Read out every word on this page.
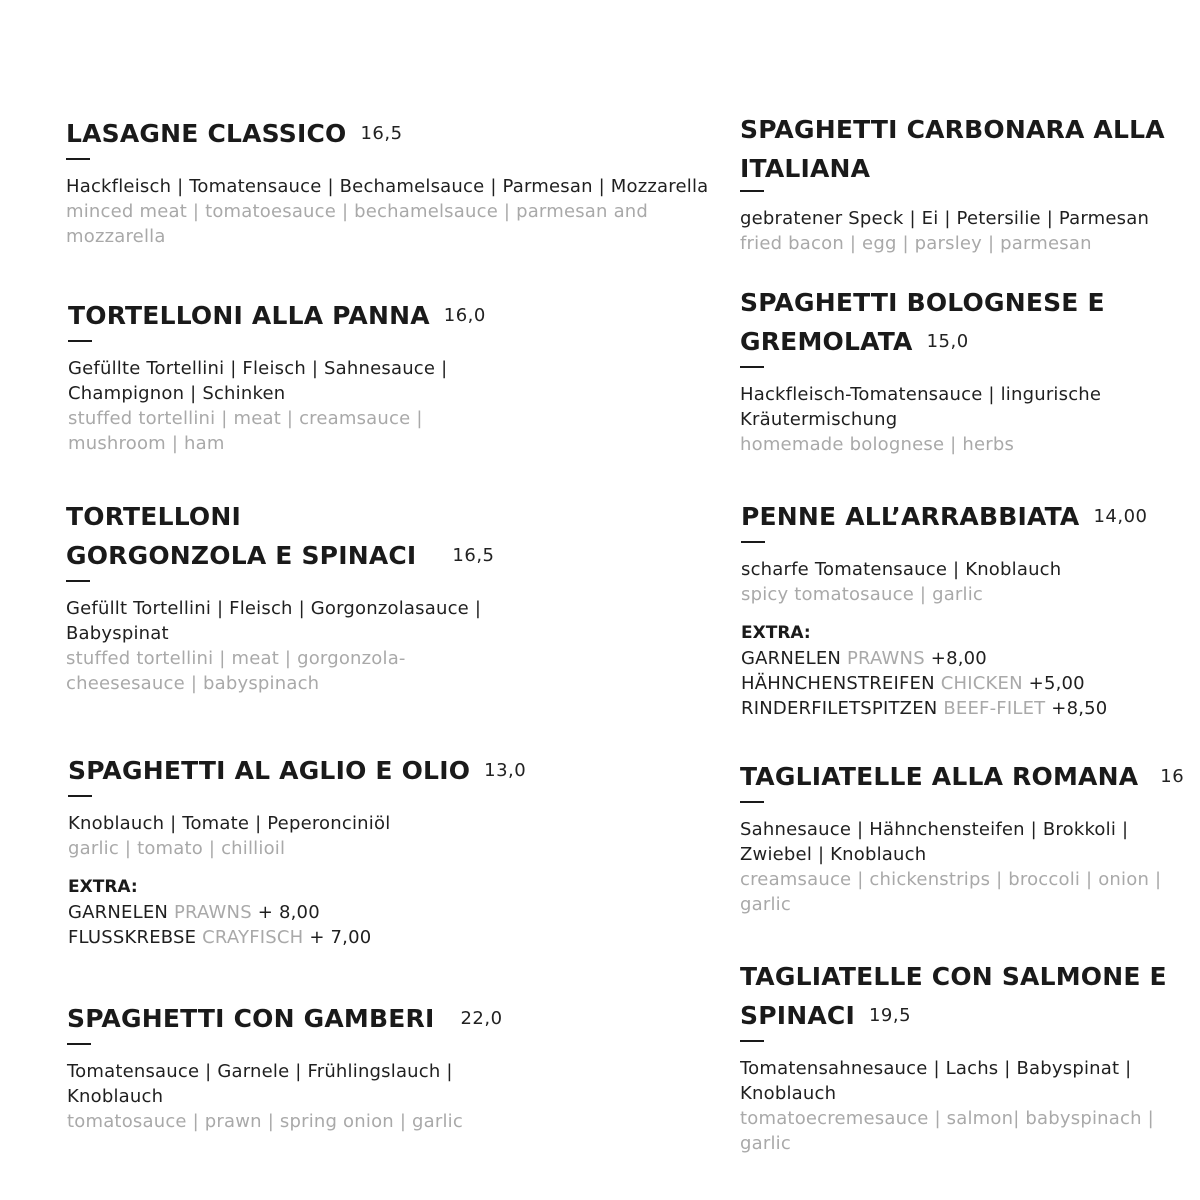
LASAGNE CLASSICO 16,5
Hackfleisch | Tomatensauce | Bechamelsauce | Parmesan | Mozzarella
minced meat | tomatoesauce | bechamelsauce | parmesan and
mozzarella
TORTELLONI ALLA PANNA 16,0
Gefüllte Tortellini | Fleisch | Sahnesauce |
Champignon | Schinken
stuffed tortellini | meat | creamsauce |
mushroom | ham
TORTELLONI
GORGONZOLA E SPINACI 16,5
Gefüllt Tortellini | Fleisch | Gorgonzolasauce |
Babyspinat
stuffed tortellini | meat | gorgonzola-
cheesesauce | babyspinach
SPAGHETTI AL AGLIO E OLIO 13,0
Knoblauch | Tomate | Peperonciniöl
garlic | tomato | chillioil
EXTRA:
GARNELEN PRAWNS + 8,00
FLUSSKREBSE CRAYFISCH + 7,00
SPAGHETTI CON GAMBERI 22,0
Tomatensauce | Garnele | Frühlingslauch |
Knoblauch
tomatosauce | prawn | spring onion | garlic
SPAGHETTI CARBONARA ALLA
ITALIANA
gebratener Speck | Ei | Petersilie | Parmesan
fried bacon | egg | parsley | parmesan
SPAGHETTI BOLOGNESE E
GREMOLATA 15,0
Hackfleisch-Tomatensauce | lingurische
Kräutermischung
homemade bolognese | herbs
PENNE ALL’ARRABBIATA 14,00
scharfe Tomatensauce | Knoblauch
spicy tomatosauce | garlic
EXTRA:
GARNELEN PRAWNS +8,00
HÄHNCHENSTREIFEN CHICKEN +5,00
RINDERFILETSPITZEN BEEF-FILET +8,50
TAGLIATELLE ALLA ROMANA 16
Sahnesauce | Hähnchensteifen | Brokkoli |
Zwiebel | Knoblauch
creamsauce | chickenstrips | broccoli | onion |
garlic
TAGLIATELLE CON SALMONE E
SPINACI 19,5
Tomatensahnesauce | Lachs | Babyspinat |
Knoblauch
tomatoecremesauce | salmon| babyspinach |
garlic
